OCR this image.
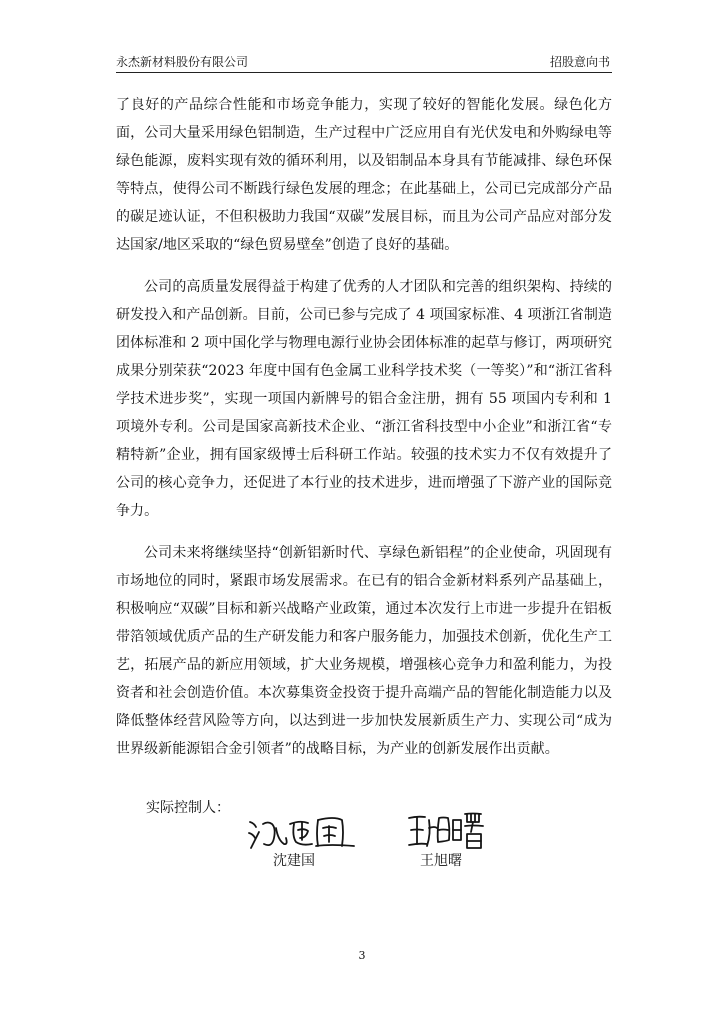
永杰新材料股份有限公司	招股意向书

了良好的产品综合性能和市场竞争能力，实现了较好的智能化发展。绿色化方面，公司大量采用绿色铝制造，生产过程中广泛应用自有光伏发电和外购绿电等绿色能源，废料实现有效的循环利用，以及铝制品本身具有节能减排、绿色环保等特点，使得公司不断践行绿色发展的理念；在此基础上，公司已完成部分产品的碳足迹认证，不但积极助力我国“双碳”发展目标，而且为公司产品应对部分发达国家/地区采取的“绿色贸易壁垒”创造了良好的基础。

公司的高质量发展得益于构建了优秀的人才团队和完善的组织架构、持续的研发投入和产品创新。目前，公司已参与完成了 4 项国家标准、4 项浙江省制造团体标准和 2 项中国化学与物理电源行业协会团体标准的起草与修订，两项研究成果分别荣获“2023 年度中国有色金属工业科学技术奖（一等奖）”和“浙江省科学技术进步奖”，实现一项国内新牌号的铝合金注册，拥有 55 项国内专利和 1 项境外专利。公司是国家高新技术企业、“浙江省科技型中小企业”和浙江省“专精特新”企业，拥有国家级博士后科研工作站。较强的技术实力不仅有效提升了公司的核心竞争力，还促进了本行业的技术进步，进而增强了下游产业的国际竞争力。

公司未来将继续坚持“创新铝新时代、享绿色新铝程”的企业使命，巩固现有市场地位的同时，紧跟市场发展需求。在已有的铝合金新材料系列产品基础上，积极响应“双碳”目标和新兴战略产业政策，通过本次发行上市进一步提升在铝板带箔领域优质产品的生产研发能力和客户服务能力，加强技术创新，优化生产工艺，拓展产品的新应用领域，扩大业务规模，增强核心竞争力和盈利能力，为投资者和社会创造价值。本次募集资金投资于提升高端产品的智能化制造能力以及降低整体经营风险等方向，以达到进一步加快发展新质生产力、实现公司“成为世界级新能源铝合金引领者”的战略目标，为产业的创新发展作出贡献。

实际控制人：
沈建国	王旭曙
3
